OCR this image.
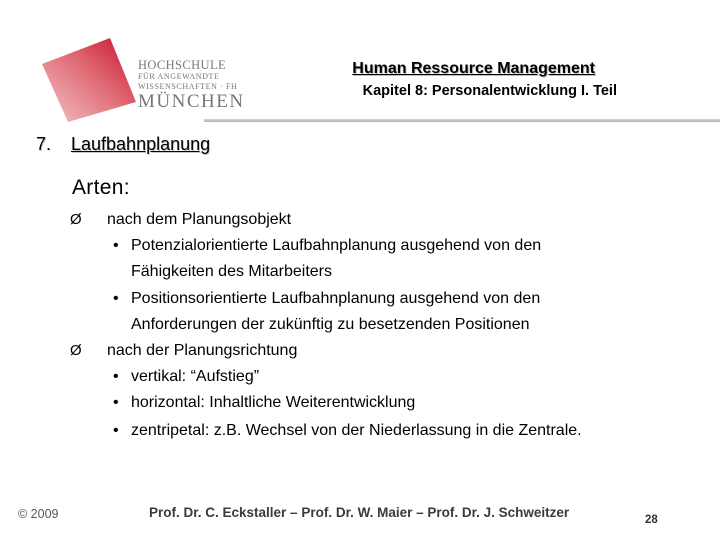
HOCHSCHULE
FÜR ANGEWANDTE
WISSENSCHAFTEN · FH
MÜNCHEN
Human Ressource Management
Kapitel 8: Personalentwicklung I. Teil
7. Laufbahnplanung
Arten:
Ø nach dem Planungsobjekt
• Potenzialorientierte Laufbahnplanung ausgehend von den
Fähigkeiten des Mitarbeiters
• Positionsorientierte Laufbahnplanung ausgehend von den
Anforderungen der zukünftig zu besetzenden Positionen
Ø nach der Planungsrichtung
• vertikal: “Aufstieg”
• horizontal: Inhaltliche Weiterentwicklung
• zentripetal: z.B. Wechsel von der Niederlassung in die Zentrale.
© 2009	Prof. Dr. C. Eckstaller – Prof. Dr. W. Maier – Prof. Dr. J. Schweitzer	28
